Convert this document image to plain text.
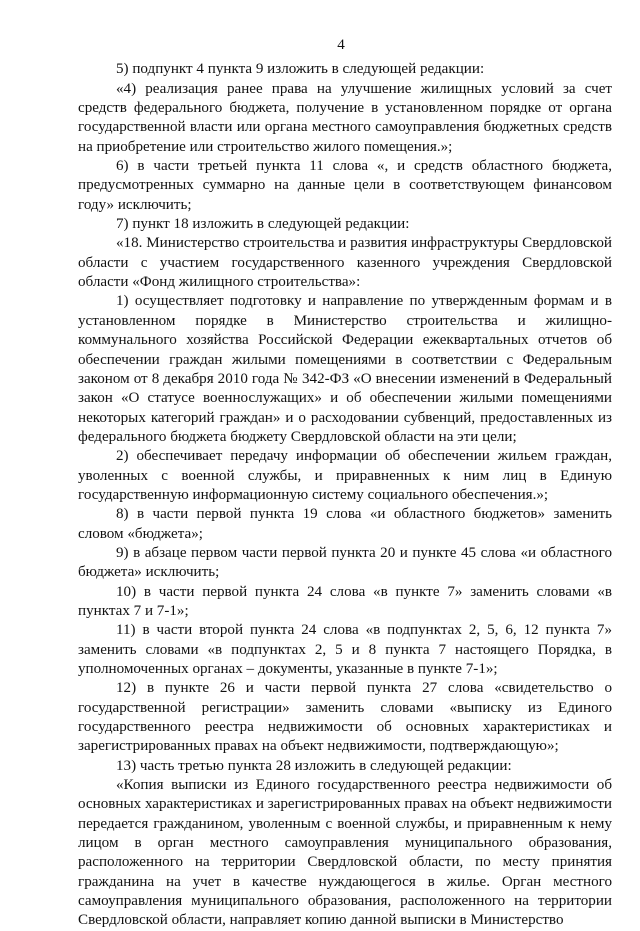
4

5) подпункт 4 пункта 9 изложить в следующей редакции:

«4) реализация ранее права на улучшение жилищных условий за счет средств федерального бюджета, получение в установленном порядке от органа государственной власти или органа местного самоуправления бюджетных средств на приобретение или строительство жилого помещения.»;

6) в части третьей пункта 11 слова «, и средств областного бюджета, предусмотренных суммарно на данные цели в соответствующем финансовом году» исключить;

7) пункт 18 изложить в следующей редакции:

«18. Министерство строительства и развития инфраструктуры Свердловской области с участием государственного казенного учреждения Свердловской области «Фонд жилищного строительства»:

1) осуществляет подготовку и направление по утвержденным формам и в установленном порядке в Министерство строительства и жилищно-коммунального хозяйства Российской Федерации ежеквартальных отчетов об обеспечении граждан жилыми помещениями в соответствии с Федеральным законом от 8 декабря 2010 года № 342-ФЗ «О внесении изменений в Федеральный закон «О статусе военнослужащих» и об обеспечении жилыми помещениями некоторых категорий граждан» и о расходовании субвенций, предоставленных из федерального бюджета бюджету Свердловской области на эти цели;

2) обеспечивает передачу информации об обеспечении жильем граждан, уволенных с военной службы, и приравненных к ним лиц в Единую государственную информационную систему социального обеспечения.»;

8) в части первой пункта 19 слова «и областного бюджетов» заменить словом «бюджета»;

9) в абзаце первом части первой пункта 20 и пункте 45 слова «и областного бюджета» исключить;

10) в части первой пункта 24 слова «в пункте 7» заменить словами «в пунктах 7 и 7-1»;

11) в части второй пункта 24 слова «в подпунктах 2, 5, 6, 12 пункта 7» заменить словами «в подпунктах 2, 5 и 8 пункта 7 настоящего Порядка, в уполномоченных органах – документы, указанные в пункте 7-1»;

12) в пункте 26 и части первой пункта 27 слова «свидетельство о государственной регистрации» заменить словами «выписку из Единого государственного реестра недвижимости об основных характеристиках и зарегистрированных правах на объект недвижимости, подтверждающую»;

13) часть третью пункта 28 изложить в следующей редакции:

«Копия выписки из Единого государственного реестра недвижимости об основных характеристиках и зарегистрированных правах на объект недвижимости передается гражданином, уволенным с военной службы, и приравненным к нему лицом в орган местного самоуправления муниципального образования, расположенного на территории Свердловской области, по месту принятия гражданина на учет в качестве нуждающегося в жилье. Орган местного самоуправления муниципального образования, расположенного на территории Свердловской области, направляет копию данной выписки в Министерство
